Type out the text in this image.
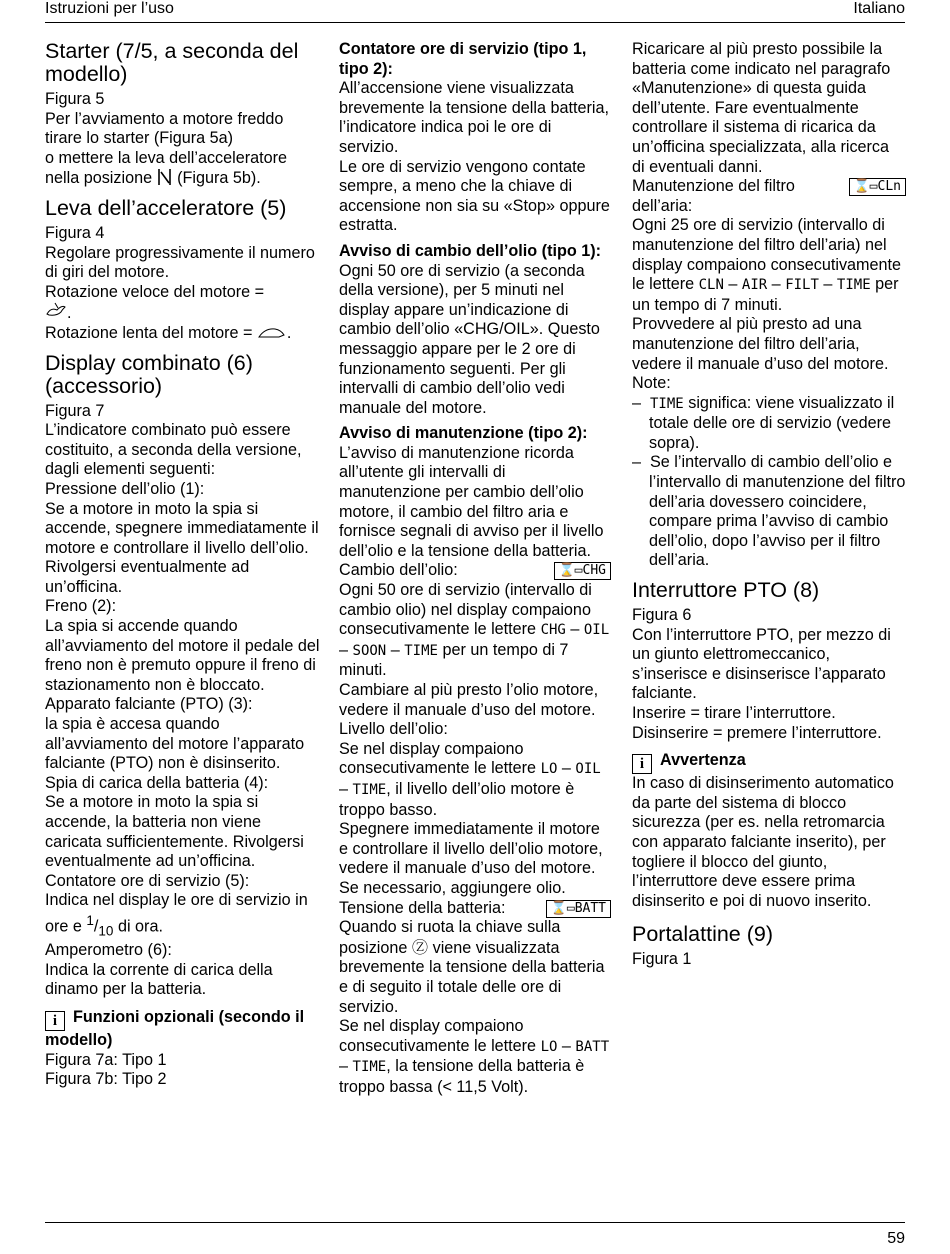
Istruzioni per l’uso	Italiano
Starter (7/5, a seconda del modello)

Figura 5

Per l’avviamento a motore freddo tirare lo starter (Figura 5a)

o mettere la leva dell’acceleratore nella posizione (Figura 5b).

Leva dell’acceleratore (5)

Figura 4

Regolare progressivamente il numero di giri del motore.

Rotazione veloce del motore =
.

Rotazione lenta del motore = .

Display combinato (6) (accessorio)

Figura 7

L’indicatore combinato può essere costituito, a seconda della versione, dagli elementi seguenti:

Pressione dell’olio (1):

Se a motore in moto la spia si accende, spegnere immediatamente il motore e controllare il livello dell’olio. Rivolgersi eventualmente ad un’officina.

Freno (2):

La spia si accende quando all’avviamento del motore il pedale del freno non è premuto oppure il freno di stazionamento non è bloccato.

Apparato falciante (PTO) (3):

la spia è accesa quando all’avviamento del motore l’apparato falciante (PTO) non è disinserito.

Spia di carica della batteria (4):

Se a motore in moto la spia si accende, la batteria non viene caricata sufficientemente. Rivolgersi eventualmente ad un’officina.

Contatore ore di servizio (5):

Indica nel display le ore di servizio in ore e $^1/_{10}$ di ora.

Amperometro (6):

Indica la corrente di carica della dinamo per la batteria.

i Funzioni opzionali (secondo il modello)

Figura 7a: Tipo 1

Figura 7b: Tipo 2

Contatore ore di servizio (tipo 1, tipo 2):

All’accensione viene visualizzata brevemente la tensione della batteria, l’indicatore indica poi le ore di servizio.

Le ore di servizio vengono contate sempre, a meno che la chiave di accensione non sia su «Stop» oppure estratta.

Avviso di cambio dell’olio (tipo 1):

Ogni 50 ore di servizio (a seconda della versione), per 5 minuti nel display appare un’indicazione di cambio dell’olio «CHG/OIL». Questo messaggio appare per le 2 ore di funzionamento seguenti. Per gli intervalli di cambio dell’olio vedi manuale del motore.

Avviso di manutenzione (tipo 2):

L’avviso di manutenzione ricorda all’utente gli intervalli di manutenzione per cambio dell’olio motore, il cambio del filtro aria e fornisce segnali di avviso per il livello dell’olio e la tensione della batteria.

⌛▭CHG
Cambio dell’olio:

Ogni 50 ore di servizio (intervallo di cambio olio) nel display compaiono consecutivamente le lettere CHG – OIL – SOON – TIME per un tempo di 7 minuti.

Cambiare al più presto l’olio motore, vedere il manuale d’uso del motore.

Livello dell’olio:

Se nel display compaiono consecutivamente le lettere LO – OIL – TIME, il livello dell’olio motore è troppo basso.

Spegnere immediatamente il motore e controllare il livello dell’olio motore, vedere il manuale d’uso del motore. Se necessario, aggiungere olio.

⌛▭BATT
Tensione della batteria:

Quando si ruota la chiave sulla posizione Ⓩ viene visualizzata brevemente la tensione della batteria e di seguito il totale delle ore di servizio.

Se nel display compaiono consecutivamente le lettere LO – BATT – TIME, la tensione della batteria è troppo bassa (< 11,5 Volt).

Ricaricare al più presto possibile la batteria come indicato nel paragrafo «Manutenzione» di questa guida dell’utente. Fare eventualmente controllare il sistema di ricarica da un’officina specializzata, alla ricerca di eventuali danni.

⌛▭CLn
Manutenzione del filtro dell’aria:

Ogni 25 ore di servizio (intervallo di manutenzione del filtro dell’aria) nel display compaiono consecutivamente le lettere CLN – AIR – FILT – TIME per un tempo di 7 minuti.

Provvedere al più presto ad una manutenzione del filtro dell’aria, vedere il manuale d’uso del motore.

Note:

–  TIME significa: viene visualizzato il totale delle ore di servizio (vedere sopra).

–  Se l’intervallo di cambio dell’olio e l’intervallo di manutenzione del filtro dell’aria dovessero coincidere, compare prima l’avviso di cambio dell’olio, dopo l’avviso per il filtro dell’aria.

Interruttore PTO (8)

Figura 6

Con l’interruttore PTO, per mezzo di un giunto elettromeccanico, s’inserisce e disinserisce l’apparato falciante.

Inserire = tirare l’interruttore.

Disinserire = premere l’interruttore.

i Avvertenza

In caso di disinserimento automatico da parte del sistema di blocco sicurezza (per es. nella retromarcia con apparato falciante inserito), per togliere il blocco del giunto, l’interruttore deve essere prima disinserito e poi di nuovo inserito.

Portalattine (9)

Figura 1

59
